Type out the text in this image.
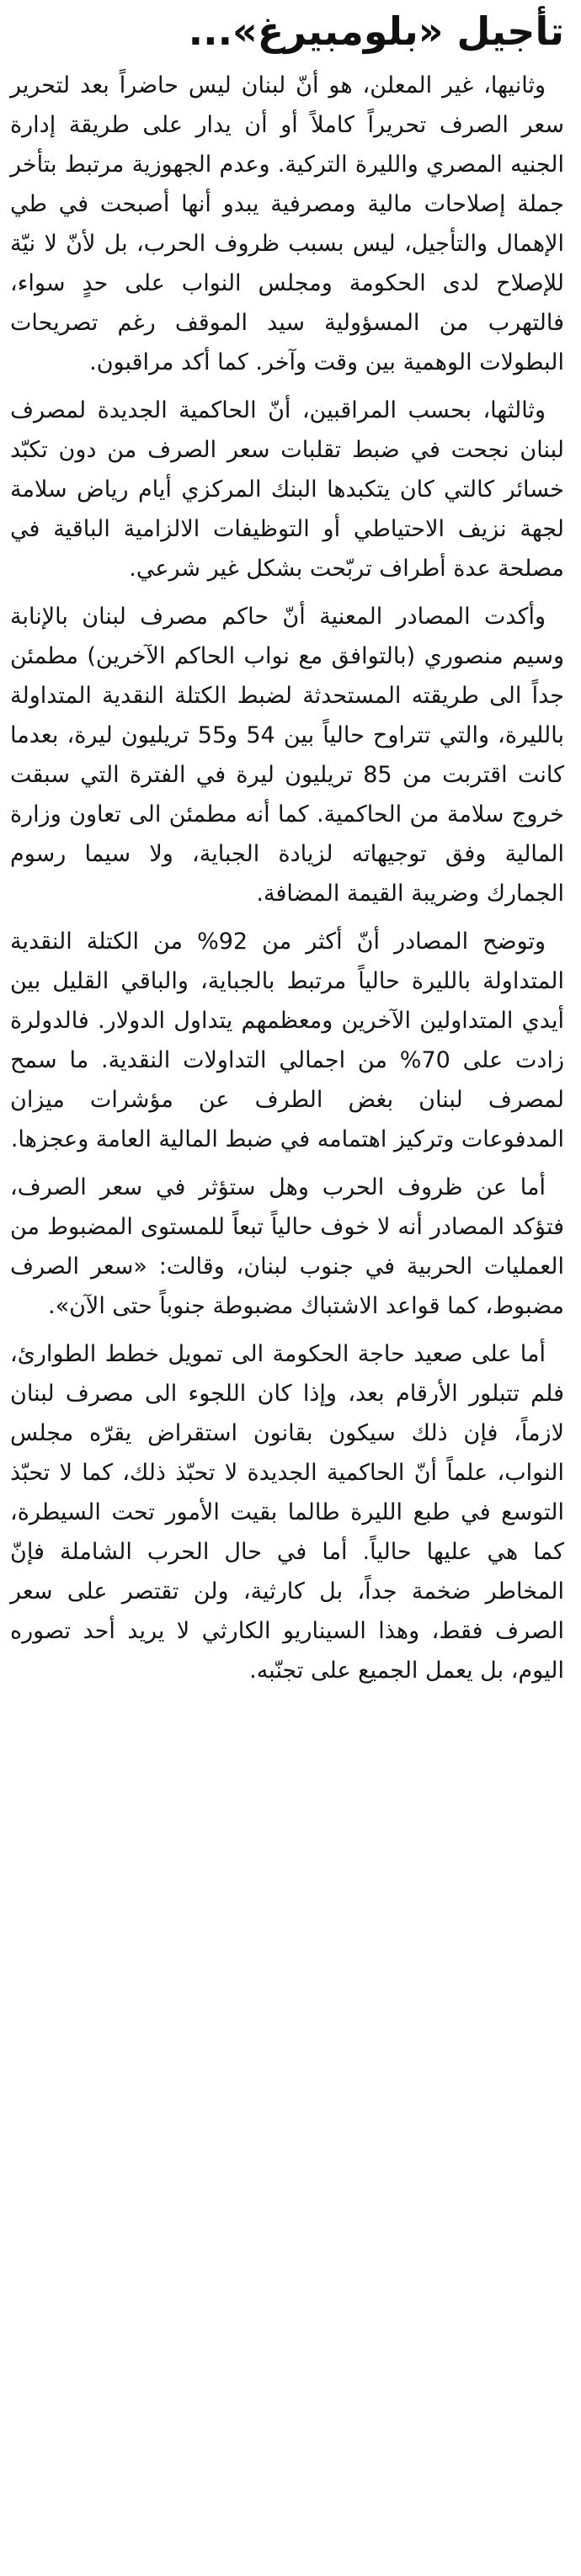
تأجيل «بلومبيرغ»...

وثانيها، غير المعلن، هو أنّ لبنان ليس حاضراً بعد لتحرير سعر الصرف تحريراً كاملاً أو أن يدار على طريقة إدارة الجنيه المصري والليرة التركية. وعدم الجهوزية مرتبط بتأخر جملة إصلاحات مالية ومصرفية يبدو أنها أصبحت في طي الإهمال والتأجيل، ليس بسبب ظروف الحرب، بل لأنّ لا نيّة للإصلاح لدى الحكومة ومجلس النواب على حدٍ سواء، فالتهرب من المسؤولية سيد الموقف رغم تصريحات البطولات الوهمية بين وقت وآخر. كما أكد مراقبون.

وثالثها، بحسب المراقبين، أنّ الحاكمية الجديدة لمصرف لبنان نجحت في ضبط تقلبات سعر الصرف من دون تكبّد خسائر كالتي كان يتكبدها البنك المركزي أيام رياض سلامة لجهة نزيف الاحتياطي أو التوظيفات الالزامية الباقية في مصلحة عدة أطراف تربّحت بشكل غير شرعي.

وأكدت المصادر المعنية أنّ حاكم مصرف لبنان بالإنابة وسيم منصوري (بالتوافق مع نواب الحاكم الآخرين) مطمئن جداً الى طريقته المستحدثة لضبط الكتلة النقدية المتداولة بالليرة، والتي تتراوح حالياً بين 54 و55 تريليون ليرة، بعدما كانت اقتربت من 85 تريليون ليرة في الفترة التي سبقت خروج سلامة من الحاكمية. كما أنه مطمئن الى تعاون وزارة المالية وفق توجيهاته لزيادة الجباية، ولا سيما رسوم الجمارك وضريبة القيمة المضافة.

وتوضح المصادر أنّ أكثر من 92% من الكتلة النقدية المتداولة بالليرة حالياً مرتبط بالجباية، والباقي القليل بين أيدي المتداولين الآخرين ومعظمهم يتداول الدولار. فالدولرة زادت على 70% من اجمالي التداولات النقدية. ما سمح لمصرف لبنان بغض الطرف عن مؤشرات ميزان المدفوعات وتركيز اهتمامه في ضبط المالية العامة وعجزها.

أما عن ظروف الحرب وهل ستؤثر في سعر الصرف، فتؤكد المصادر أنه لا خوف حالياً تبعاً للمستوى المضبوط من العمليات الحربية في جنوب لبنان، وقالت: «سعر الصرف مضبوط، كما قواعد الاشتباك مضبوطة جنوباً حتى الآن».

أما على صعيد حاجة الحكومة الى تمويل خطط الطوارئ، فلم تتبلور الأرقام بعد، وإذا كان اللجوء الى مصرف لبنان لازماً، فإن ذلك سيكون بقانون استقراض يقرّه مجلس النواب، علماً أنّ الحاكمية الجديدة لا تحبّذ ذلك، كما لا تحبّذ التوسع في طبع الليرة طالما بقيت الأمور تحت السيطرة، كما هي عليها حالياً. أما في حال الحرب الشاملة فإنّ المخاطر ضخمة جداً، بل كارثية، ولن تقتصر على سعر الصرف فقط، وهذا السيناريو الكارثي لا يريد أحد تصوره اليوم، بل يعمل الجميع على تجنّبه.
